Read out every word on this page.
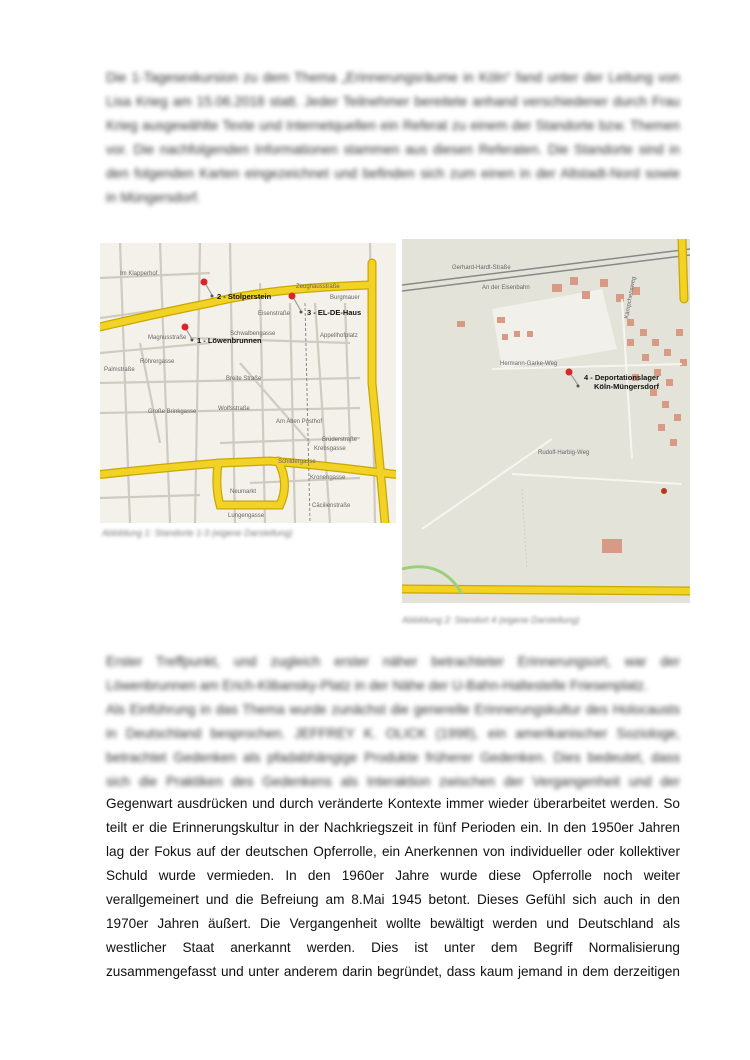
Die 1-Tagesexkursion zu dem Thema „Erinnerungsräume in Köln“ fand unter der Leitung von
Lisa Krieg am 15.06.2018 statt. Jeder Teilnehmer bereitete anhand verschiedener durch Frau
Krieg ausgewählte Texte und Internetquellen ein Referat zu einem der Standorte bzw. Themen
vor. Die nachfolgenden Informationen stammen aus diesen Referaten. Die Standorte sind in
den folgenden Karten eingezeichnet und befinden sich zum einen in der Altstadt-Nord sowie
in Müngersdorf.
Im Klapperhof
Zeughausstraße
Burgmauer
Eisenstraße
Schwalbengasse	Appellhofplatz
Magnusstraße
Röhrergasse
Palmstraße
Breite Straße
Große Brinkgasse	Wolfsstraße
Am Alten Posthof
Brüderstraße
Schildergasse
Krebsgasse
Kronengasse
Neumarkt
Cäcilienstraße
Lungengasse
1 - Löwenbrunnen
2 - Stolperstein
3 - EL-DE-Haus
Gerhard-Hardt-Straße
An der Eisenbahn
Hermann-Garke-Weg
Rudolf-Harbig-Weg
Kämpchensweg
4 - Deportationslager
Köln-Müngersdorf
Abbildung 1: Standorte 1-3 (eigene Darstellung)
Abbildung 2: Standort 4 (eigene Darstellung)
Erster Treffpunkt, und zugleich erster näher betrachteter Erinnerungsort, war der
Löwenbrunnen am Erich-Klibansky-Platz in der Nähe der U-Bahn-Haltestelle Friesenplatz.
Als Einführung in das Thema wurde zunächst die generelle Erinnerungskultur des Holocausts
in Deutschland besprochen. JEFFREY K. OLICK (1998), ein amerikanischer Soziologe,
betrachtet Gedenken als pfadabhängige Produkte früherer Gedenken. Dies bedeutet, dass
sich die Praktiken des Gedenkens als Interaktion zwischen der Vergangenheit und der
Gegenwart ausdrücken und durch veränderte Kontexte immer wieder überarbeitet werden. So
teilt er die Erinnerungskultur in der Nachkriegszeit in fünf Perioden ein. In den 1950er Jahren
lag der Fokus auf der deutschen Opferrolle, ein Anerkennen von individueller oder kollektiver
Schuld wurde vermieden. In den 1960er Jahre wurde diese Opferrolle noch weiter
verallgemeinert und die Befreiung am 8.Mai 1945 betont. Dieses Gefühl sich auch in den
1970er Jahren äußert. Die Vergangenheit wollte bewältigt werden und Deutschland als
westlicher Staat anerkannt werden. Dies ist unter dem Begriff Normalisierung
zusammengefasst und unter anderem darin begründet, dass kaum jemand in dem derzeitigen
